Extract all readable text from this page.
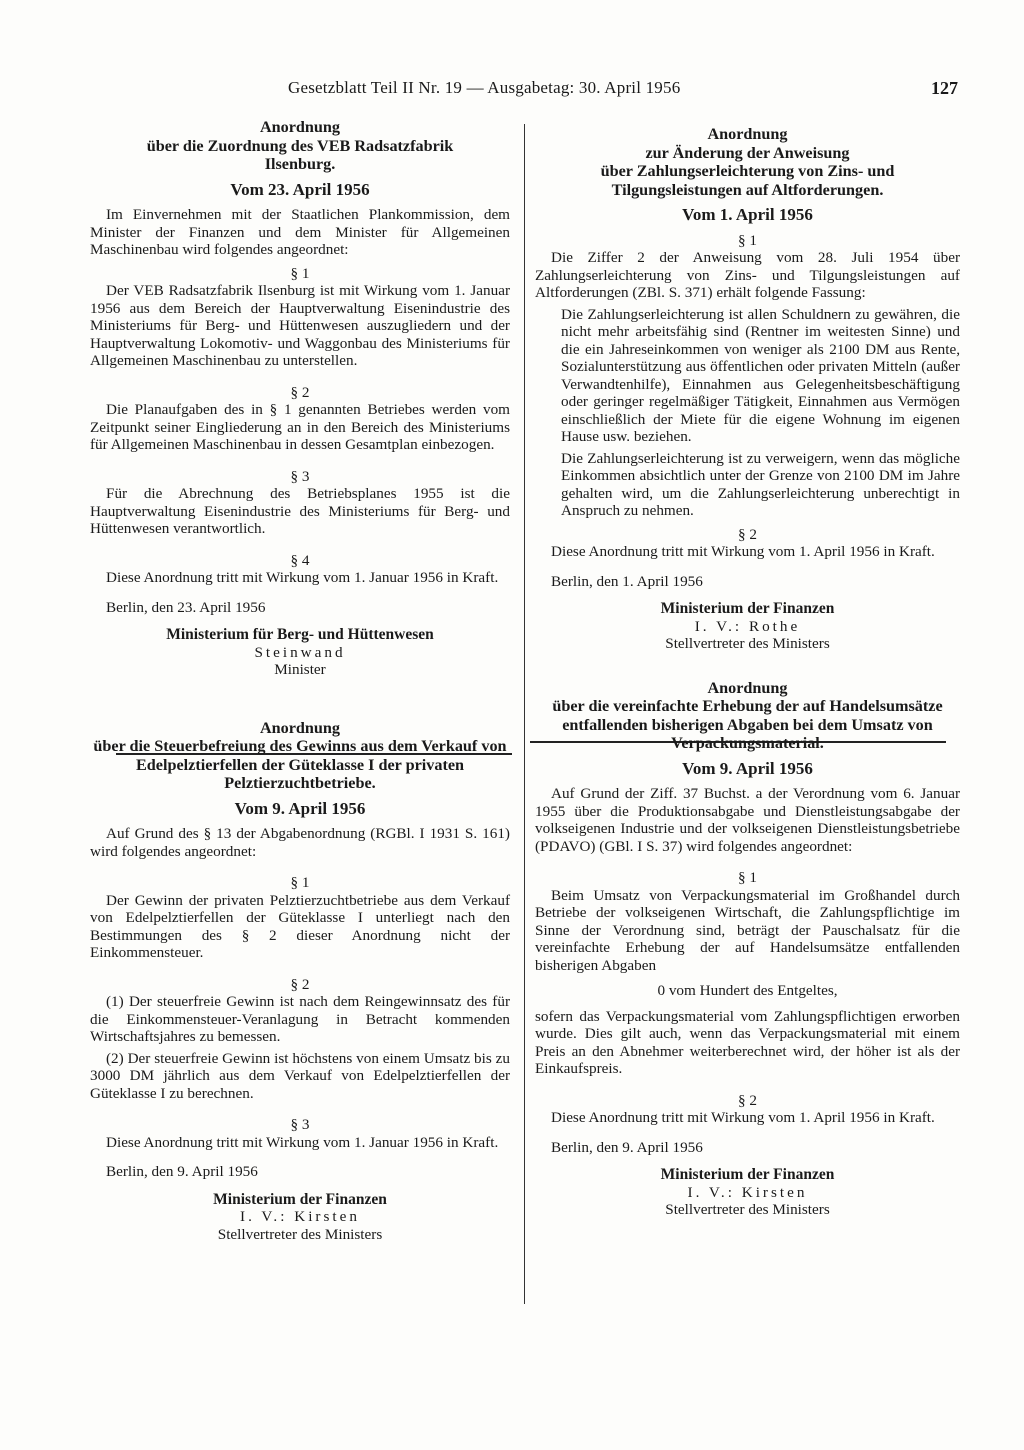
Gesetzblatt Teil II Nr. 19 — Ausgabetag: 30. April 1956	127
Anordnung
über die Zuordnung des VEB Radsatzfabrik
Ilsenburg.
Vom 23. April 1956

Im Einvernehmen mit der Staatlichen Plankommission, dem Minister der Finanzen und dem Minister für Allgemeinen Maschinenbau wird folgendes angeordnet:

§ 1

Der VEB Radsatzfabrik Ilsenburg ist mit Wirkung vom 1. Januar 1956 aus dem Bereich der Hauptverwaltung Eisenindustrie des Ministeriums für Berg- und Hüttenwesen auszugliedern und der Hauptverwaltung Lokomotiv- und Waggonbau des Ministeriums für Allgemeinen Maschinenbau zu unterstellen.

§ 2

Die Planaufgaben des in § 1 genannten Betriebes werden vom Zeitpunkt seiner Eingliederung an in den Bereich des Ministeriums für Allgemeinen Maschinenbau in dessen Gesamtplan einbezogen.

§ 3

Für die Abrechnung des Betriebsplanes 1955 ist die Hauptverwaltung Eisenindustrie des Ministeriums für Berg- und Hüttenwesen verantwortlich.

§ 4

Diese Anordnung tritt mit Wirkung vom 1. Januar 1956 in Kraft.

Berlin, den 23. April 1956

Ministerium für Berg- und Hüttenwesen
Steinwand
Minister
Anordnung
über die Steuerbefreiung des Gewinns aus dem Verkauf von Edelpelztierfellen der Güteklasse I der privaten Pelztierzuchtbetriebe.
Vom 9. April 1956

Auf Grund des § 13 der Abgabenordnung (RGBl. I 1931 S. 161) wird folgendes angeordnet:

§ 1

Der Gewinn der privaten Pelztierzuchtbetriebe aus dem Verkauf von Edelpelztierfellen der Güteklasse I unterliegt nach den Bestimmungen des § 2 dieser Anordnung nicht der Einkommensteuer.

§ 2

(1) Der steuerfreie Gewinn ist nach dem Reingewinnsatz des für die Einkommensteuer-Veranlagung in Betracht kommenden Wirtschaftsjahres zu bemessen.

(2) Der steuerfreie Gewinn ist höchstens von einem Umsatz bis zu 3000 DM jährlich aus dem Verkauf von Edelpelztierfellen der Güteklasse I zu berechnen.

§ 3

Diese Anordnung tritt mit Wirkung vom 1. Januar 1956 in Kraft.

Berlin, den 9. April 1956

Ministerium der Finanzen
I. V.: Kirsten
Stellvertreter des Ministers
Anordnung
zur Änderung der Anweisung
über Zahlungserleichterung von Zins- und Tilgungsleistungen auf Altforderungen.
Vom 1. April 1956
§ 1

Die Ziffer 2 der Anweisung vom 28. Juli 1954 über Zahlungserleichterung von Zins- und Tilgungsleistungen auf Altforderungen (ZBl. S. 371) erhält folgende Fassung:

Die Zahlungserleichterung ist allen Schuldnern zu gewähren, die nicht mehr arbeitsfähig sind (Rentner im weitesten Sinne) und die ein Jahreseinkommen von weniger als 2100 DM aus Rente, Sozialunterstützung aus öffentlichen oder privaten Mitteln (außer Verwandtenhilfe), Einnahmen aus Gelegenheitsbeschäftigung oder geringer regelmäßiger Tätigkeit, Einnahmen aus Vermögen einschließlich der Miete für die eigene Wohnung im eigenen Hause usw. beziehen.

Die Zahlungserleichterung ist zu verweigern, wenn das mögliche Einkommen absichtlich unter der Grenze von 2100 DM im Jahre gehalten wird, um die Zahlungserleichterung unberechtigt in Anspruch zu nehmen.

§ 2

Diese Anordnung tritt mit Wirkung vom 1. April 1956 in Kraft.

Berlin, den 1. April 1956

Ministerium der Finanzen
I. V.: Rothe
Stellvertreter des Ministers
Anordnung
über die vereinfachte Erhebung der auf Handelsumsätze entfallenden bisherigen Abgaben bei dem Umsatz von Verpackungsmaterial.
Vom 9. April 1956

Auf Grund der Ziff. 37 Buchst. a der Verordnung vom 6. Januar 1955 über die Produktionsabgabe und Dienstleistungsabgabe der volkseigenen Industrie und der volkseigenen Dienstleistungsbetriebe (PDAVO) (GBl. I S. 37) wird folgendes angeordnet:

§ 1

Beim Umsatz von Verpackungsmaterial im Großhandel durch Betriebe der volkseigenen Wirtschaft, die Zahlungspflichtige im Sinne der Verordnung sind, beträgt der Pauschalsatz für die vereinfachte Erhebung der auf Handelsumsätze entfallenden bisherigen Abgaben

0 vom Hundert des Entgeltes,

sofern das Verpackungsmaterial vom Zahlungspflichtigen erworben wurde. Dies gilt auch, wenn das Verpackungsmaterial mit einem Preis an den Abnehmer weiterberechnet wird, der höher ist als der Einkaufspreis.

§ 2

Diese Anordnung tritt mit Wirkung vom 1. April 1956 in Kraft.

Berlin, den 9. April 1956

Ministerium der Finanzen
I. V.: Kirsten
Stellvertreter des Ministers
